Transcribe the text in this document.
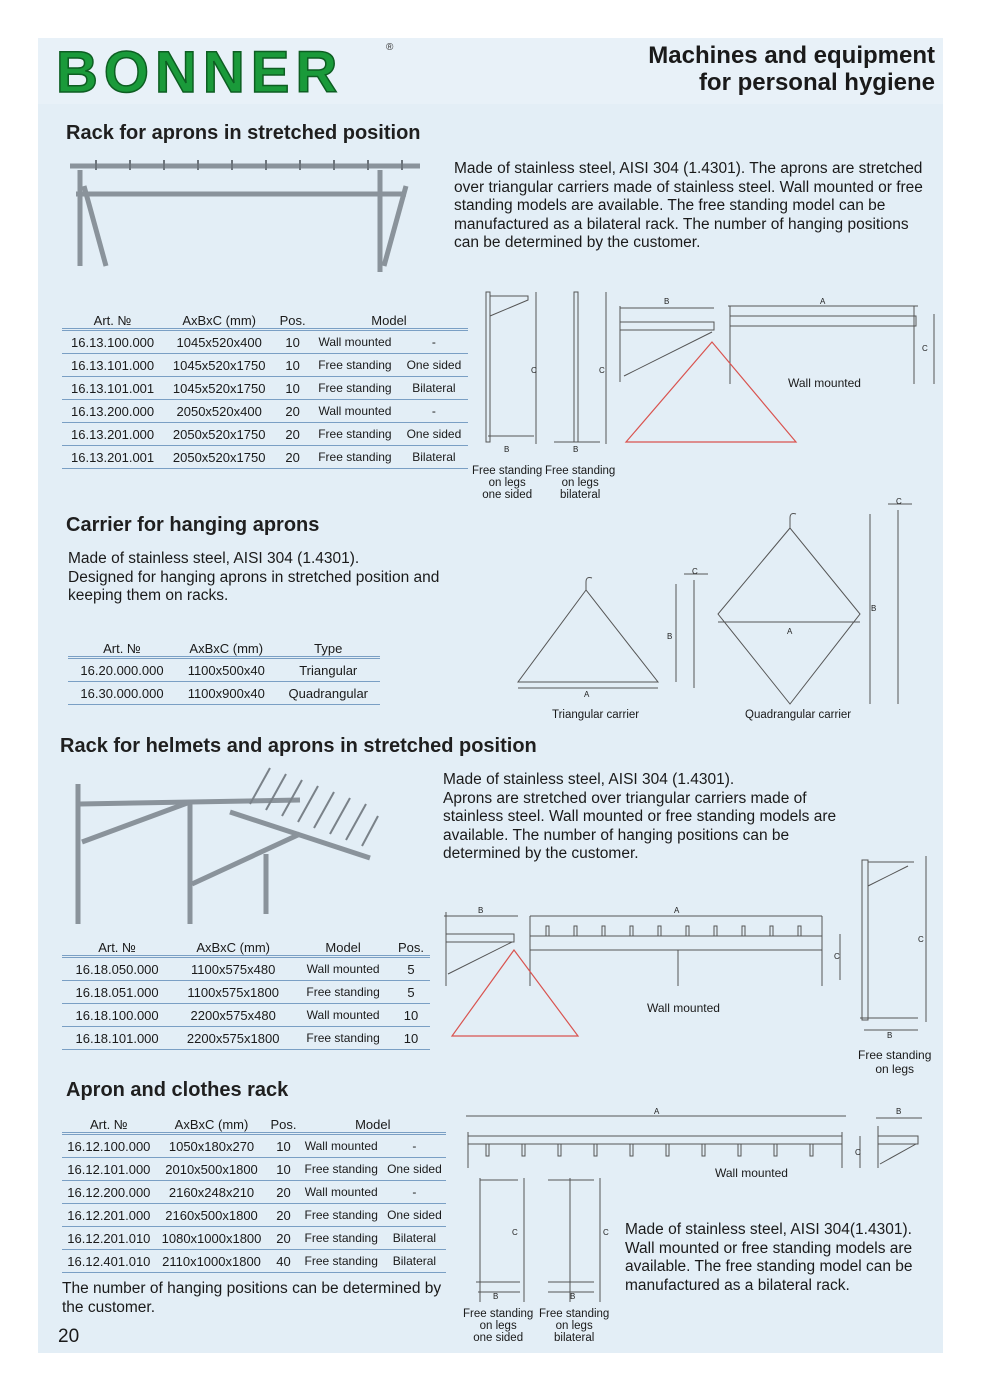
BONNER	®	Machines and equipment
for personal hygiene
Rack for aprons in stretched position
Made of stainless steel, AISI 304 (1.4301). The aprons are stretched over triangular carriers made of stainless steel. Wall mounted or free standing models are available. The free standing model can be manufactured as a bilateral rack. The number of hanging positions can be determined by the customer.
Art. №	AxBxC (mm)	Pos.	Model	
16.13.100.000	1045x520x400	10	Wall mounted	-
16.13.101.000	1045x520x1750	10	Free standing	One sided
16.13.101.001	1045x520x1750	10	Free standing	Bilateral
16.13.200.000	2050x520x400	20	Wall mounted	-
16.13.201.000	2050x520x1750	20	Free standing	One sided
16.13.201.001	2050x520x1750	20	Free standing	Bilateral
C	C
B	B
B	A
C
Wall mounted
Free standing
on legs
one sided
Free standing
on legs
bilateral
Carrier for hanging aprons
Made of stainless steel, AISI 304 (1.4301).
Designed for hanging aprons in stretched position and keeping them on racks.
Art. №	AxBxC (mm)	Type
16.20.000.000	1100x500x40	Triangular
16.30.000.000	1100x900x40	Quadrangular	A
B
C
A
B
C
Triangular carrier	Quadrangular carrier
Rack for helmets and aprons in stretched position
Made of stainless steel, AISI 304 (1.4301).
Aprons are stretched over triangular carriers made of stainless steel. Wall mounted or free standing models are available. The number of hanging positions can be determined by the customer.
Art. №	AxBxC (mm)	Model	Pos.
16.18.050.000	1100x575x480	Wall mounted	5
16.18.051.000	1100x575x1800	Free standing	5
16.18.100.000	2200x575x480	Wall mounted	10
16.18.101.000	2200x575x1800	Free standing	10
B	A
C
C
B
Wall mounted
Free standing
on legs
Apron and clothes rack
Art. №	AxBxC (mm)	Pos.	Model	
16.12.100.000	1050x180x270	10	Wall mounted	-
16.12.101.000	2010x500x1800	10	Free standing	One sided
16.12.200.000	2160x248x210	20	Wall mounted	-
16.12.201.000	2160x500x1800	20	Free standing	One sided
16.12.201.010	1080x1000x1800	20	Free standing	Bilateral
16.12.401.010	2110x1000x1800	40	Free standing	Bilateral
The number of hanging positions can be determined by the customer.
A	B
C
C	C
B	B
Wall mounted
Free standing
on legs
one sided
Free standing
on legs
bilateral
Made of stainless steel, AISI 304(1.4301). Wall mounted or free standing models are available. The free standing model can be manufactured as a bilateral rack.
20
